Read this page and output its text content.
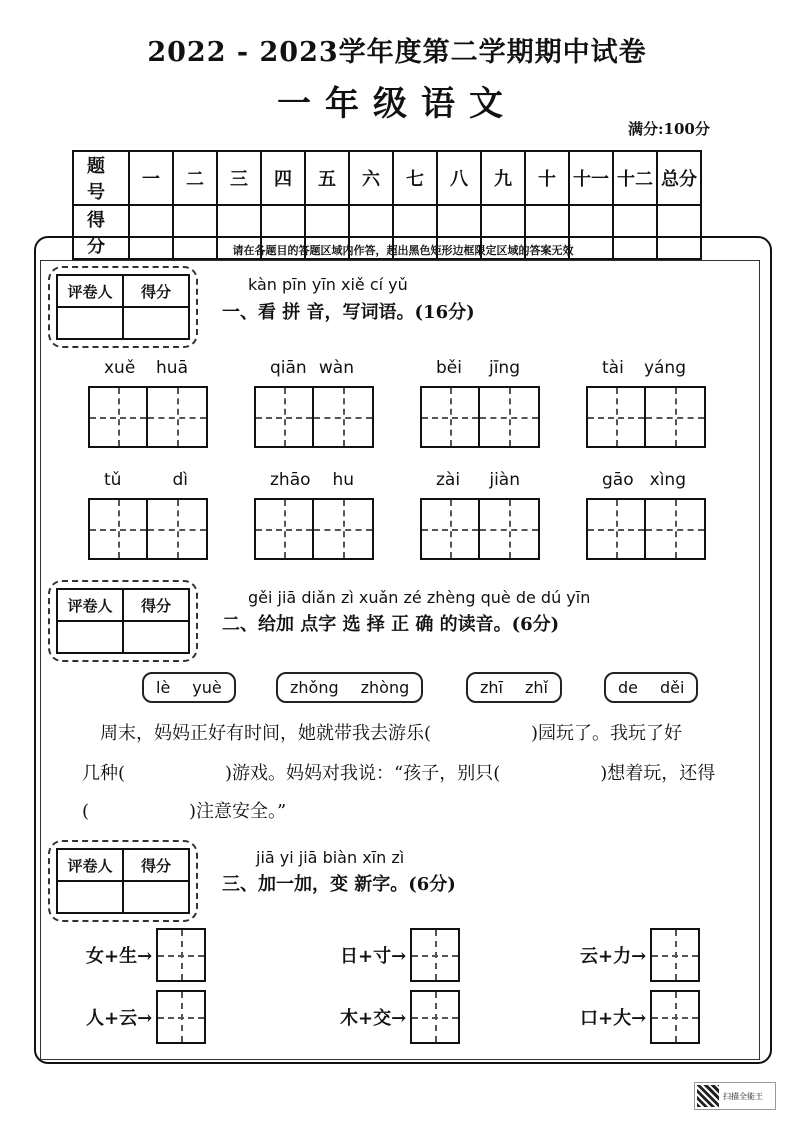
2022 - 2023学年度第二学期期中试卷
一年级语文
满分:100分
题号	一	二	三	四	五	六	七	八	九	十	十一	十二	总分
得分														请在各题目的答题区域内作答，超出黑色矩形边框限定区域的答案无效
评卷人	得分
		kàn pīn yīn xiě cí yǔ
一、看 拼 音，写词语。(16分)
xuě huā	qiān wàn	běi jīng	tài yáng
tǔ	dì	zhāo hu	zài jiàn	gāo xìng
评卷人	得分
		gěi jiā diǎn zì xuǎn zé zhèng què de dú yīn
二、给加 点字 选 择 正 确 的读音。(6分)
lè yuè	zhǒng zhòng	zhī zhǐ	de děi
周末，妈妈正好有时间，她就带我去游乐(	)园玩了。我玩了好
几种(	)游戏。妈妈对我说：“孩子，别只(	)想着玩，还得
(	)注意安全。”
评卷人	得分
		jiā yi jiā biàn xīn zì
三、加一加，变 新字。(6分)
女+生→	日+寸→	云+力→
人+云→	木+交→	口+大→
扫描全能王
